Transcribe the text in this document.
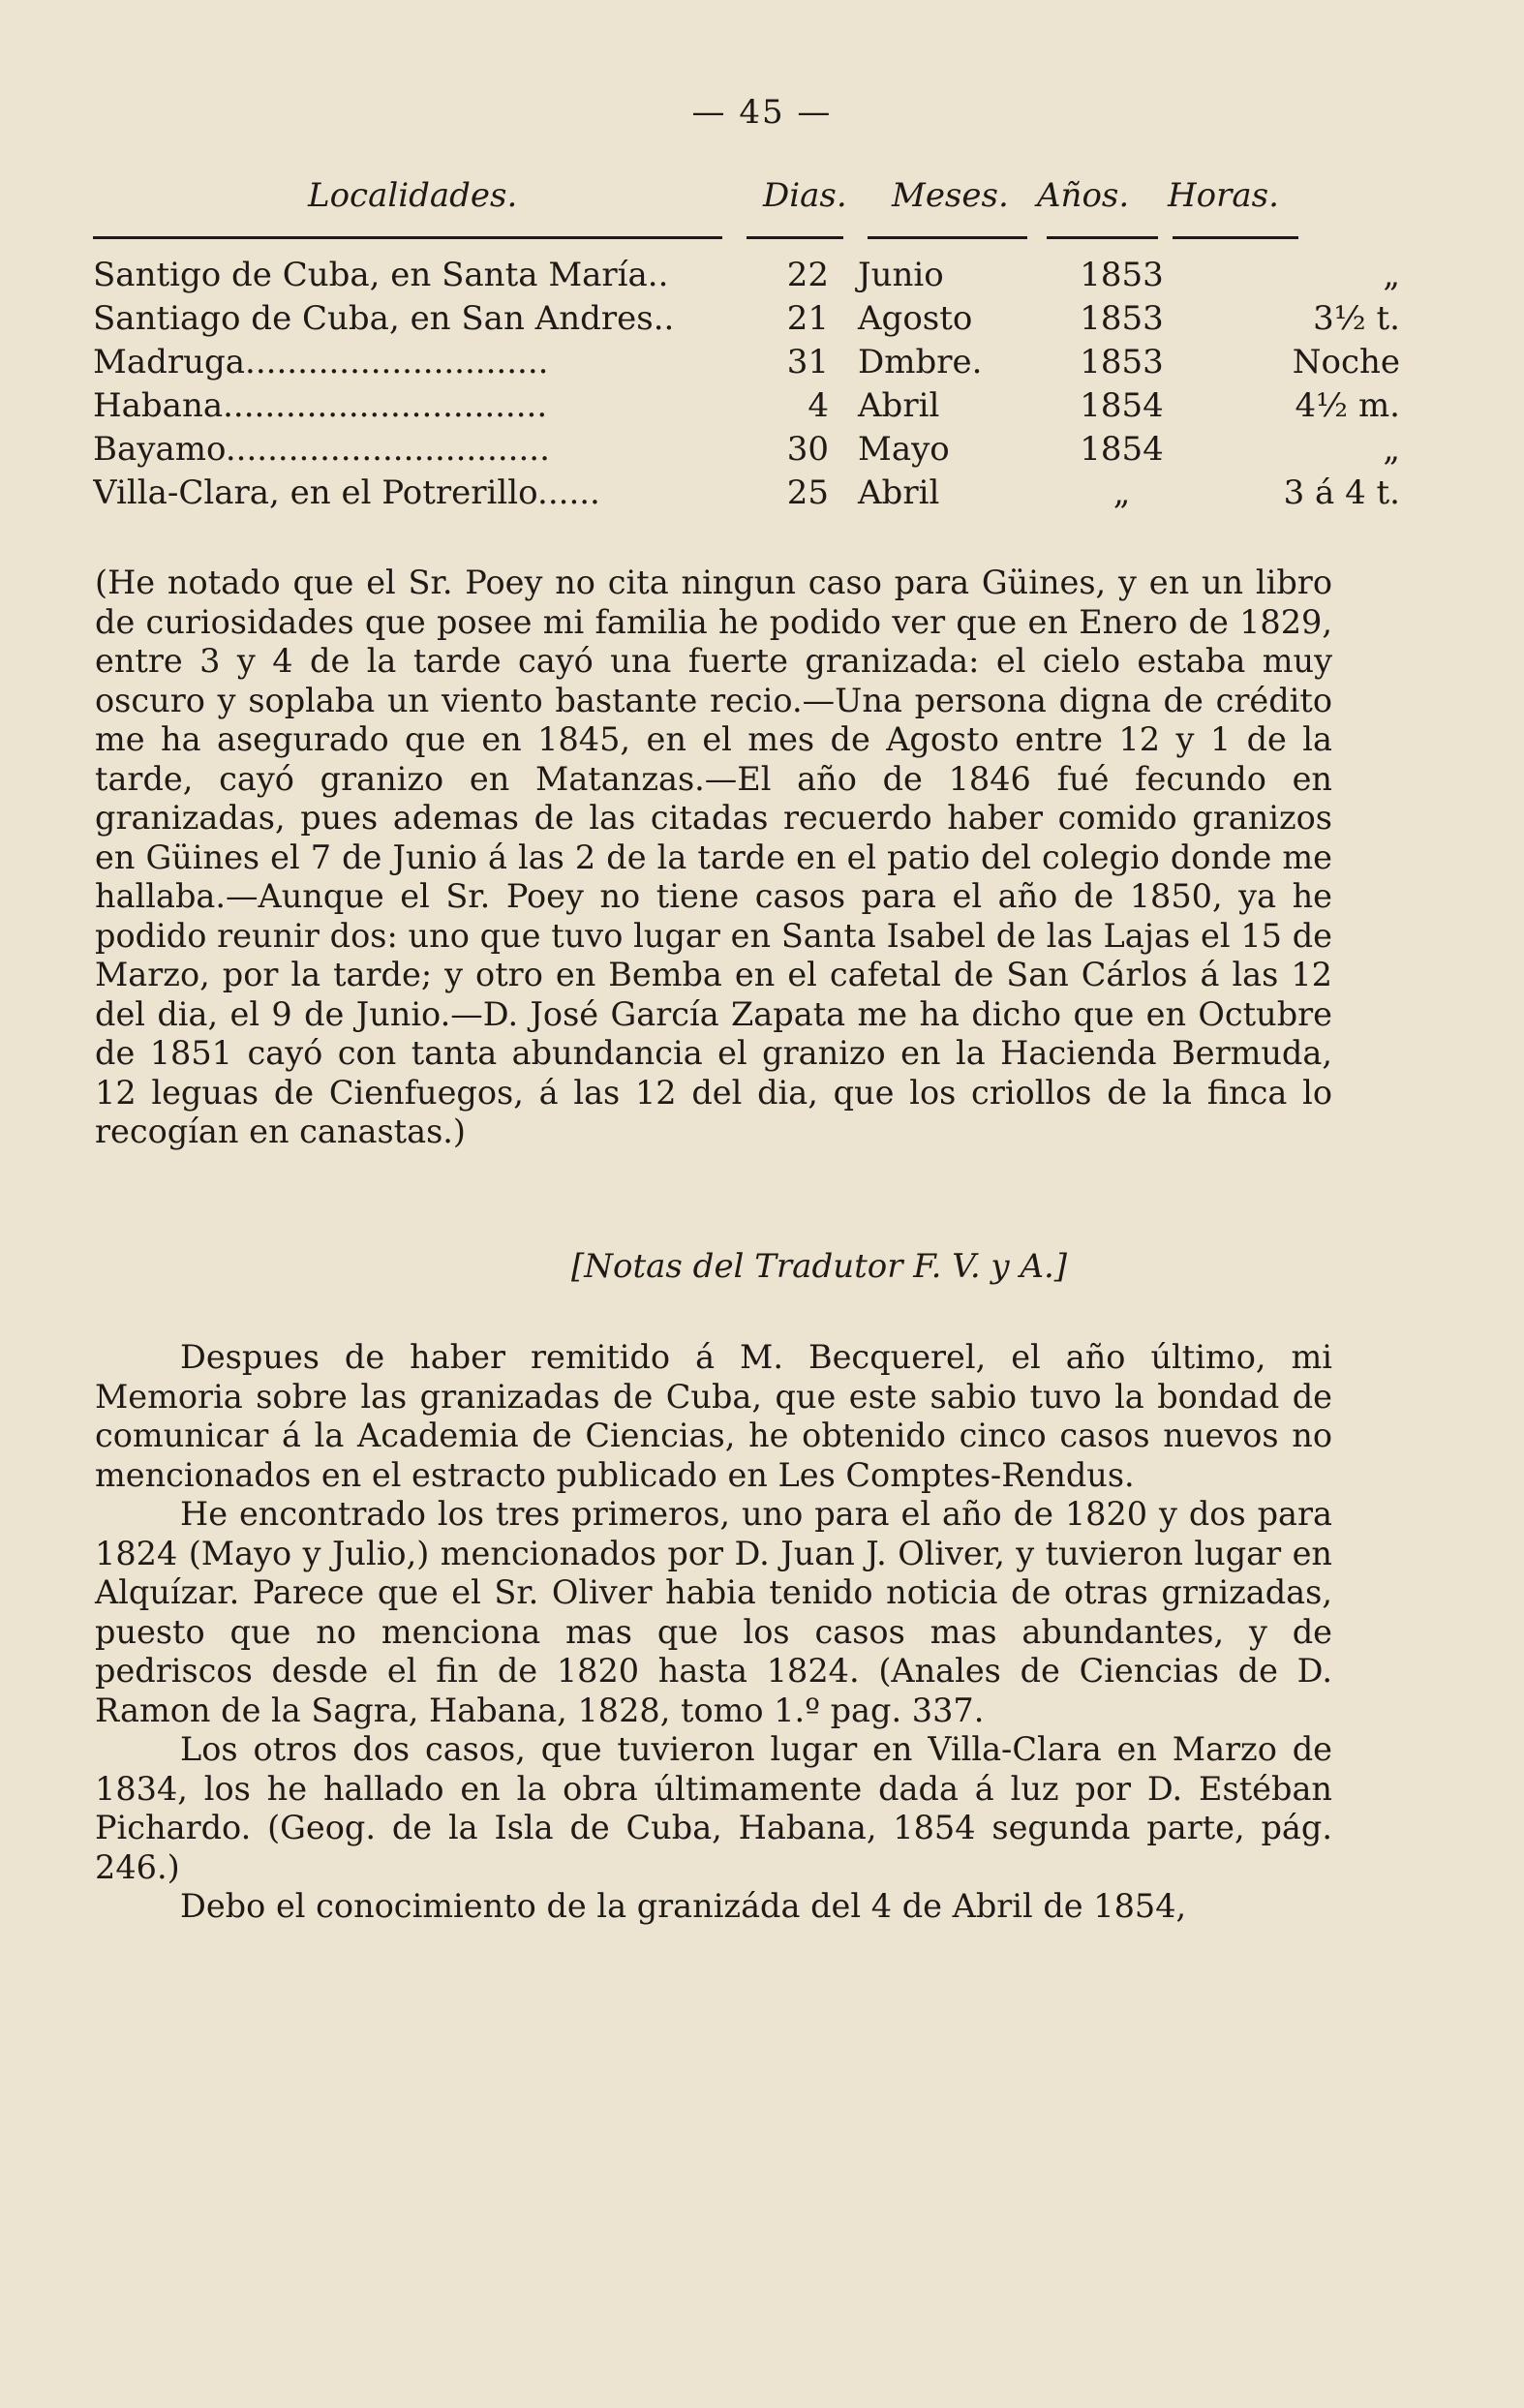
— 45 —
Localidades.	Dias. Meses. Años. Horas.
Santigo de Cuba, en Santa María..	22 Junio	1853	„
Santiago de Cuba, en San Andres..	21 Agosto	1853	3½ t.
Madruga.............................	31 Dmbre.	1853	Noche
Habana...............................	4 Abril	1854	4½ m.
Bayamo...............................	30 Mayo	1854	„
Villa-Clara, en el Potrerillo......	25 Abril	„	3 á 4 t.

(He notado que el Sr. Poey no cita ningun caso para Güines, y en un libro de curiosidades que posee mi familia he podido ver que en Enero de 1829, entre 3 y 4 de la tarde cayó una fuerte granizada: el cielo estaba muy oscuro y soplaba un viento bastante recio.—Una persona digna de crédito me ha asegurado que en 1845, en el mes de Agosto entre 12 y 1 de la tarde, cayó granizo en Matanzas.—El año de 1846 fué fecundo en granizadas, pues ademas de las citadas recuerdo haber comido granizos en Güines el 7 de Junio á las 2 de la tarde en el patio del colegio donde me hallaba.—Aunque el Sr. Poey no tiene casos para el año de 1850, ya he podido reunir dos: uno que tuvo lugar en Santa Isabel de las Lajas el 15 de Marzo, por la tarde; y otro en Bemba en el cafetal de San Cárlos á las 12 del dia, el 9 de Junio.—D. José García Zapata me ha dicho que en Octubre de 1851 cayó con tanta abundancia el granizo en la Hacienda Bermuda, 12 leguas de Cienfuegos, á las 12 del dia, que los criollos de la finca lo recogían en canastas.)

[Notas del Tradutor F. V. y A.]

Despues de haber remitido á M. Becquerel, el año último, mi Memoria sobre las granizadas de Cuba, que este sabio tuvo la bondad de comunicar á la Academia de Ciencias, he obtenido cinco casos nuevos no mencionados en el estracto publicado en Les Comptes-Rendus.

He encontrado los tres primeros, uno para el año de 1820 y dos para 1824 (Mayo y Julio,) mencionados por D. Juan J. Oliver, y tuvieron lugar en Alquízar. Parece que el Sr. Oliver habia tenido noticia de otras grnizadas, puesto que no menciona mas que los casos mas abundantes, y de pedriscos desde el fin de 1820 hasta 1824. (Anales de Ciencias de D. Ramon de la Sagra, Habana, 1828, tomo 1.º pag. 337.

Los otros dos casos, que tuvieron lugar en Villa-Clara en Marzo de 1834, los he hallado en la obra últimamente dada á luz por D. Estéban Pichardo. (Geog. de la Isla de Cuba, Habana, 1854 segunda parte, pág. 246.)

Debo el conocimiento de la granizáda del 4 de Abril de 1854,
